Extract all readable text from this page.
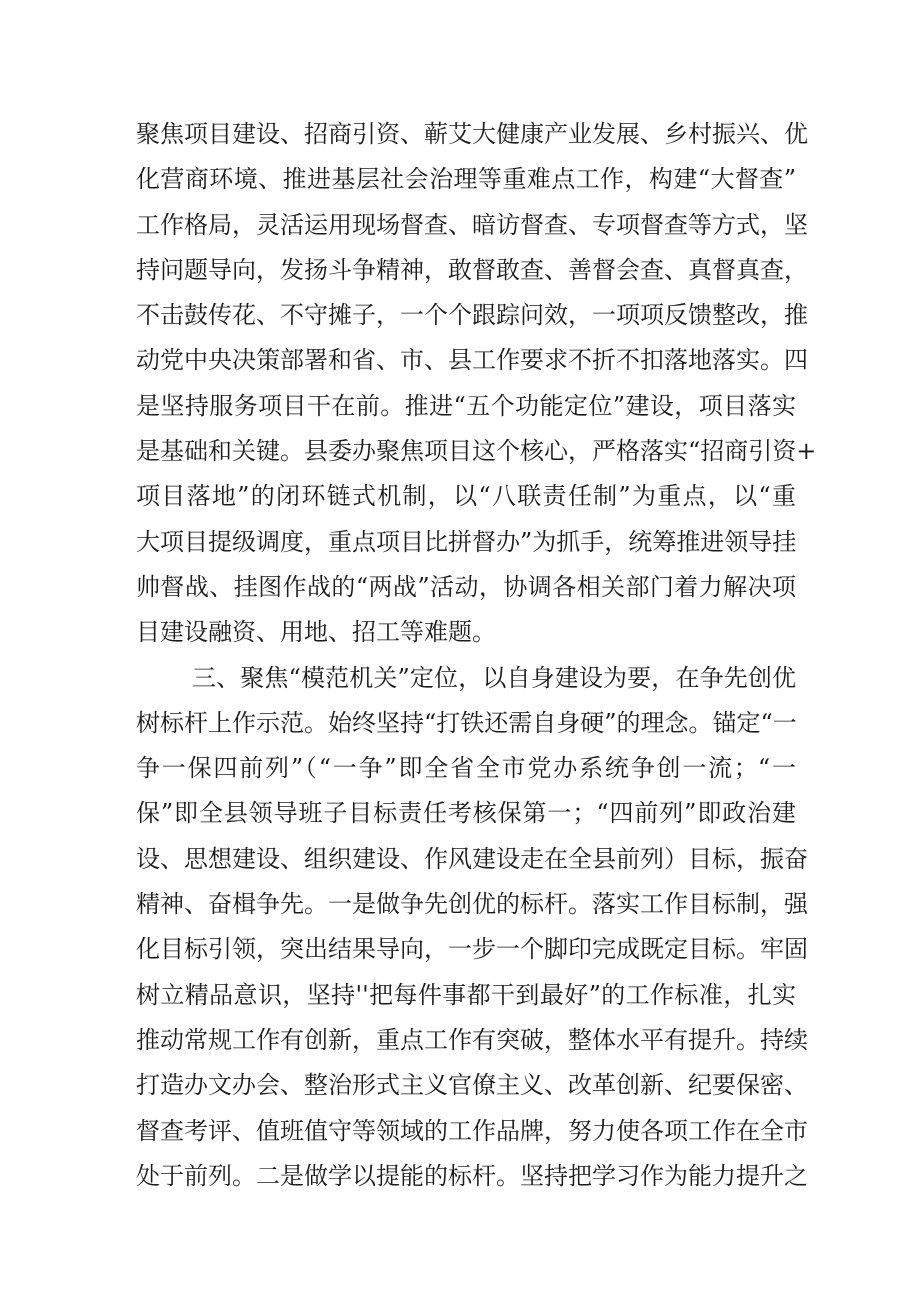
聚焦项目建设、招商引资、蕲艾大健康产业发展、乡村振兴、优
化营商环境、推进基层社会治理等重难点工作，构建“大督查”
工作格局，灵活运用现场督查、暗访督查、专项督查等方式，坚
持问题导向，发扬斗争精神，敢督敢查、善督会查、真督真查，
不击鼓传花、不守摊子，一个个跟踪问效，一项项反馈整改，推
动党中央决策部署和省、市、县工作要求不折不扣落地落实。四
是坚持服务项目干在前。推进“五个功能定位”建设，项目落实
是基础和关键。县委办聚焦项目这个核心，严格落实“招商引资+
项目落地”的闭环链式机制，以“八联责任制”为重点，以“重
大项目提级调度，重点项目比拼督办”为抓手，统筹推进领导挂
帅督战、挂图作战的“两战”活动，协调各相关部门着力解决项
目建设融资、用地、招工等难题。
三、聚焦“模范机关”定位，以自身建设为要，在争先创优
树标杆上作示范。始终坚持“打铁还需自身硬”的理念。锚定“一
争一保四前列”（“一争”即全省全市党办系统争创一流；“一
保”即全县领导班子目标责任考核保第一；“四前列”即政治建
设、思想建设、组织建设、作风建设走在全县前列）目标，振奋
精神、奋楫争先。一是做争先创优的标杆。落实工作目标制，强
化目标引领，突出结果导向，一步一个脚印完成既定目标。牢固
树立精品意识，坚持''把每件事都干到最好”的工作标准，扎实
推动常规工作有创新，重点工作有突破，整体水平有提升。持续
打造办文办会、整治形式主义官僚主义、改革创新、纪要保密、
督查考评、值班值守等领域的工作品牌，努力使各项工作在全市
处于前列。二是做学以提能的标杆。坚持把学习作为能力提升之
